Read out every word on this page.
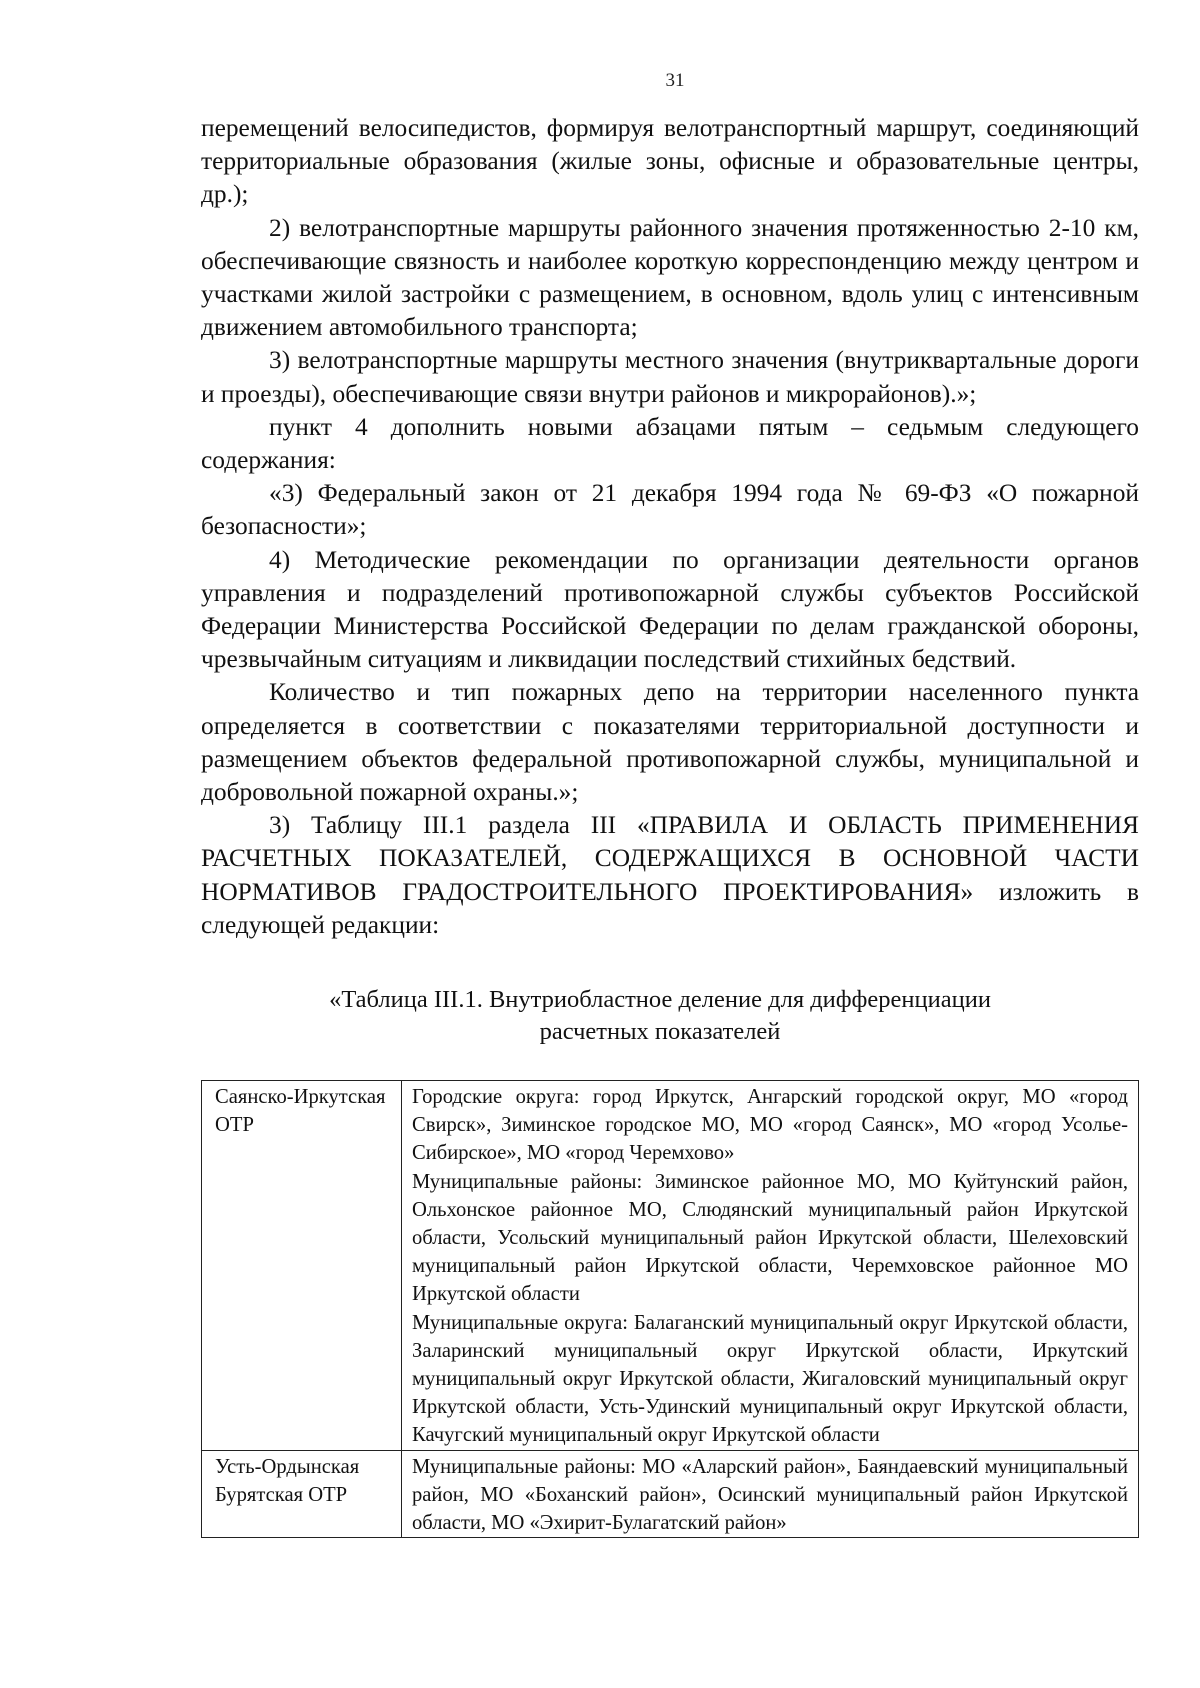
31

перемещений велосипедистов, формируя велотранспортный маршрут, соединяющий территориальные образования (жилые зоны, офисные и образовательные центры, др.);

2) велотранспортные маршруты районного значения протяженностью 2-10 км, обеспечивающие связность и наиболее короткую корреспонденцию между центром и участками жилой застройки с размещением, в основном, вдоль улиц с интенсивным движением автомобильного транспорта;

3) велотранспортные маршруты местного значения (внутриквартальные дороги и проезды), обеспечивающие связи внутри районов и микрорайонов).»;

пункт 4 дополнить новыми абзацами пятым – седьмым следующего содержания:

«3) Федеральный закон от 21 декабря 1994 года № 69-ФЗ «О пожарной безопасности»;

4) Методические рекомендации по организации деятельности органов управления и подразделений противопожарной службы субъектов Российской Федерации Министерства Российской Федерации по делам гражданской обороны, чрезвычайным ситуациям и ликвидации последствий стихийных бедствий.

Количество и тип пожарных депо на территории населенного пункта определяется в соответствии с показателями территориальной доступности и размещением объектов федеральной противопожарной службы, муниципальной и добровольной пожарной охраны.»;

3) Таблицу III.1 раздела III «ПРАВИЛА И ОБЛАСТЬ ПРИМЕНЕНИЯ РАСЧЕТНЫХ ПОКАЗАТЕЛЕЙ, СОДЕРЖАЩИХСЯ В ОСНОВНОЙ ЧАСТИ НОРМАТИВОВ ГРАДОСТРОИТЕЛЬНОГО ПРОЕКТИРОВАНИЯ» изложить в следующей редакции:

«Таблица III.1. Внутриобластное деление для дифференциации расчетных показателей
Саянско-Иркутская ОТР	Городские округа: город Иркутск, Ангарский городской округ, МО «город Свирск», Зиминское городское МО, МО «город Саянск», МО «город Усолье-Сибирское», МО «город Черемхово»
Муниципальные районы: Зиминское районное МО, МО Куйтунский район, Ольхонское районное МО, Слюдянский муниципальный район Иркутской области, Усольский муниципальный район Иркутской области, Шелеховский муниципальный район Иркутской области, Черемховское районное МО Иркутской области
Муниципальные округа: Балаганский муниципальный округ Иркутской области, Заларинский муниципальный округ Иркутской области, Иркутский муниципальный округ Иркутской области, Жигаловский муниципальный округ Иркутской области, Усть-Удинский муниципальный округ Иркутской области, Качугский муниципальный округ Иркутской области

Усть-Ордынская Бурятская ОТР	Муниципальные районы: МО «Аларский район», Баяндаевский муниципальный район, МО «Боханский район», Осинский муниципальный район Иркутской области, МО «Эхирит-Булагатский район»
